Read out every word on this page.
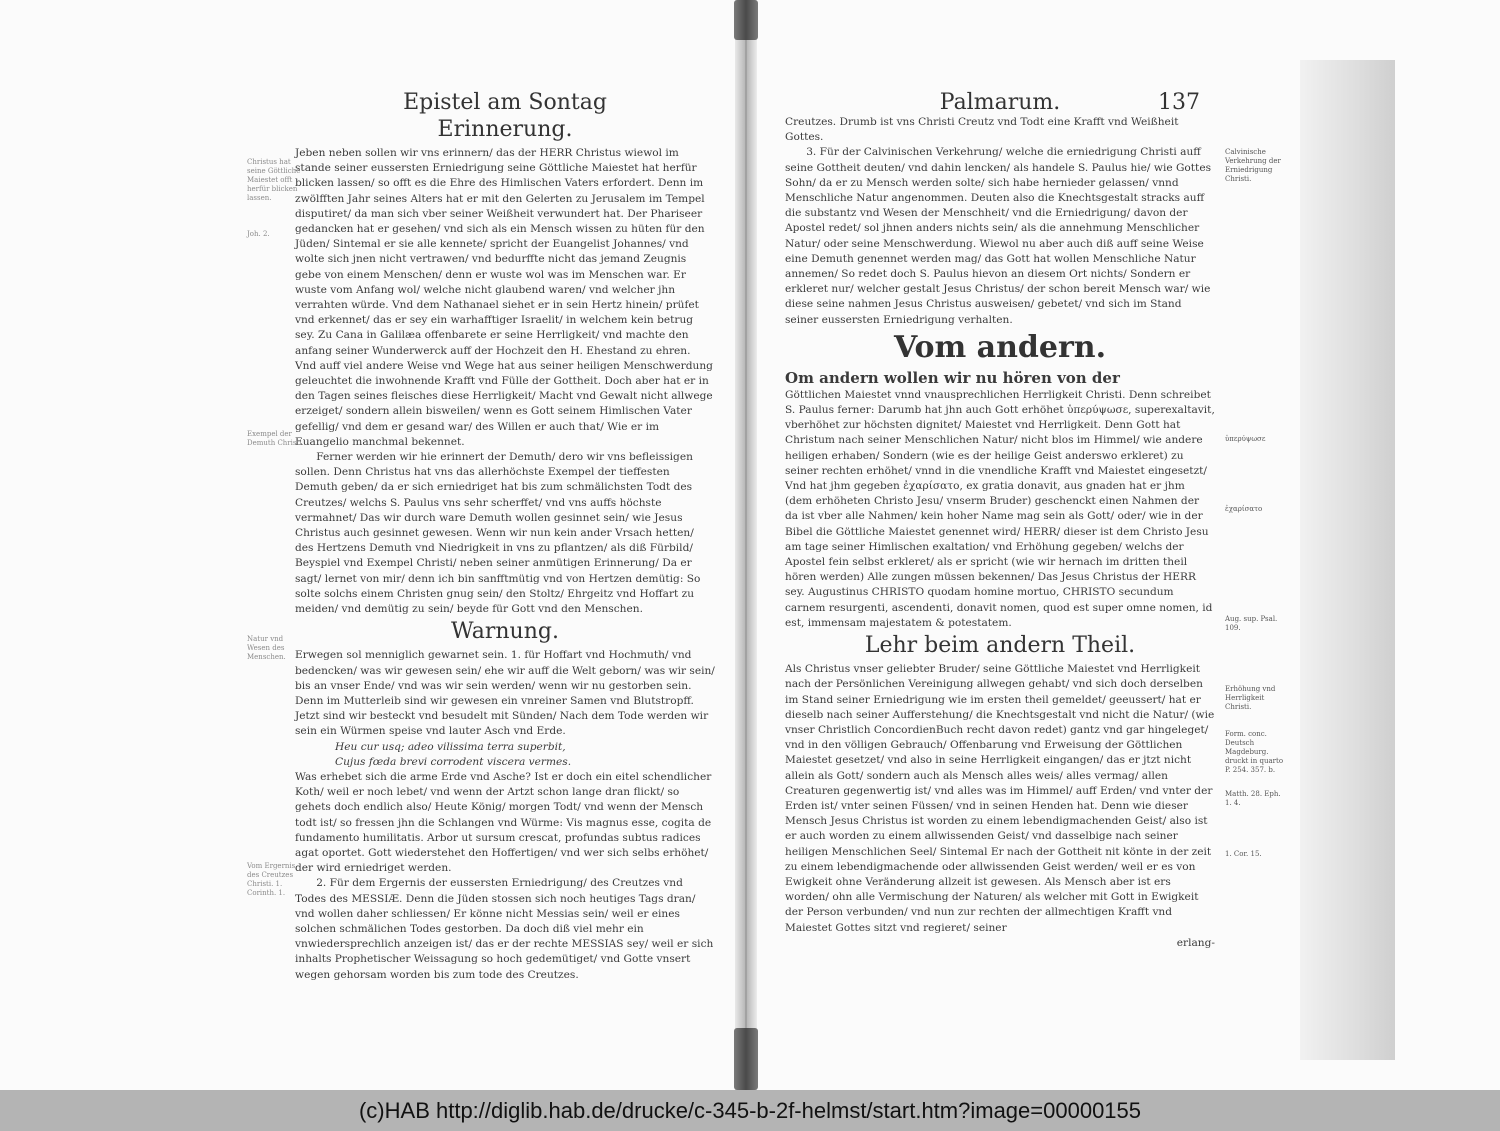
Epistel am Sontag
Erinnerung.
Christus hat seine Göttliche Maiestet offt herfür blicken lassen.
Joh. 2.

Jeben neben sollen wir vns erinnern/ das der HERR Christus wiewol im stande seiner eussersten Erniedrigung seine Göttliche Maiestet hat herfür blicken lassen/ so offt es die Ehre des Himlischen Vaters erfordert. Denn im zwölfften Jahr seines Alters hat er mit den Gelerten zu Jerusalem im Tempel disputiret/ da man sich vber seiner Weißheit verwundert hat. Der Phariseer gedancken hat er gesehen/ vnd sich als ein Mensch wissen zu hüten für den Jüden/ Sintemal er sie alle kennete/ spricht der Euangelist Johannes/ vnd wolte sich jnen nicht vertrawen/ vnd bedurffte nicht das jemand Zeugnis gebe von einem Menschen/ denn er wuste wol was im Menschen war. Er wuste vom Anfang wol/ welche nicht glaubend waren/ vnd welcher jhn verrahten würde. Vnd dem Nathanael siehet er in sein Hertz hinein/ prüfet vnd erkennet/ das er sey ein warhafftiger Israelit/ in welchem kein betrug sey. Zu Cana in Galilæa offenbarete er seine Herrligkeit/ vnd machte den anfang seiner Wunderwerck auff der Hochzeit den H. Ehestand zu ehren. Vnd auff viel andere Weise vnd Wege hat aus seiner heiligen Menschwerdung geleuchtet die inwohnende Krafft vnd Fülle der Gottheit. Doch aber hat er in den Tagen seines fleisches diese Herrligkeit/ Macht vnd Gewalt nicht allwege erzeiget/ sondern allein bisweilen/ wenn es Gott seinem Himlischen Vater gefellig/ vnd dem er gesand war/ des Willen er auch that/ Wie er im Euangelio manchmal bekennet.

Exempel der Demuth Christi.

Ferner werden wir hie erinnert der Demuth/ dero wir vns befleissigen sollen. Denn Christus hat vns das allerhöchste Exempel der tieffesten Demuth geben/ da er sich erniedriget hat bis zum schmälichsten Todt des Creutzes/ welchs S. Paulus vns sehr scherffet/ vnd vns auffs höchste vermahnet/ Das wir durch ware Demuth wollen gesinnet sein/ wie Jesus Christus auch gesinnet gewesen. Wenn wir nun kein ander Vrsach hetten/ des Hertzens Demuth vnd Niedrigkeit in vns zu pflantzen/ als diß Fürbild/ Beyspiel vnd Exempel Christi/ neben seiner anmütigen Erinnerung/ Da er sagt/ lernet von mir/ denn ich bin sanfftmütig vnd von Hertzen demütig: So solte solchs einem Christen gnug sein/ den Stoltz/ Ehrgeitz vnd Hoffart zu meiden/ vnd demütig zu sein/ beyde für Gott vnd den Menschen.

Warnung.
Natur vnd Wesen des Menschen. Erwegen sol menniglich gewarnet sein. 1. für Hoffart vnd Hochmuth/ vnd bedencken/ was wir gewesen sein/ ehe wir auff die Welt geborn/ was wir sein/ bis an vnser Ende/ vnd was wir sein werden/ wenn wir nu gestorben sein. Denn im Mutterleib sind wir gewesen ein vnreiner Samen vnd Blutstropff. Jetzt sind wir besteckt vnd besudelt mit Sünden/ Nach dem Tode werden wir sein ein Würmen speise vnd lauter Asch vnd Erde.

Heu cur usq; adeo vilissima terra superbit,
Cujus fœda brevi corrodent viscera vermes.

Was erhebet sich die arme Erde vnd Asche? Ist er doch ein eitel schendlicher Koth/ weil er noch lebet/ vnd wenn der Artzt schon lange dran flickt/ so gehets doch endlich also/ Heute König/ morgen Todt/ vnd wenn der Mensch todt ist/ so fressen jhn die Schlangen vnd Würme: Vis magnus esse, cogita de fundamento humilitatis. Arbor ut sursum crescat, profundas subtus radices agat oportet. Gott wiederstehet den Hoffertigen/ vnd wer sich selbs erhöhet/ der wird erniedriget werden.

Vom Ergernis des Creutzes Christi. 1. Corinth. 1.

2. Für dem Ergernis der eussersten Erniedrigung/ des Creutzes vnd Todes des MESSIÆ. Denn die Jüden stossen sich noch heutiges Tags dran/ vnd wollen daher schliessen/ Er könne nicht Messias sein/ weil er eines solchen schmälichen Todes gestorben. Da doch diß viel mehr ein vnwiedersprechlich anzeigen ist/ das er der rechte MESSIAS sey/ weil er sich inhalts Prophetischer Weissagung so hoch gedemütiget/ vnd Gotte vnsert wegen gehorsam worden bis zum tode des Creutzes.

Palmarum.	137

Creutzes. Drumb ist vns Christi Creutz vnd Todt eine Krafft vnd Weißheit Gottes.

Calvinische Verkehrung der Erniedrigung Christi.

3. Für der Calvinischen Verkehrung/ welche die erniedrigung Christi auff seine Gottheit deuten/ vnd dahin lencken/ als handele S. Paulus hie/ wie Gottes Sohn/ da er zu Mensch werden solte/ sich habe hernieder gelassen/ vnnd Menschliche Natur angenommen. Deuten also die Knechtsgestalt stracks auff die substantz vnd Wesen der Menschheit/ vnd die Erniedrigung/ davon der Apostel redet/ sol jhnen anders nichts sein/ als die annehmung Menschlicher Natur/ oder seine Menschwerdung. Wiewol nu aber auch diß auff seine Weise eine Demuth genennet werden mag/ das Gott hat wollen Menschliche Natur annemen/ So redet doch S. Paulus hievon an diesem Ort nichts/ Sondern er erkleret nur/ welcher gestalt Jesus Christus/ der schon bereit Mensch war/ wie diese seine nahmen Jesus Christus ausweisen/ gebetet/ vnd sich im Stand seiner eussersten Erniedrigung verhalten.

Vom andern.

Om andern wollen wir nu hören von der

ὑπερύψωσε
ἐχαρίσατο

Göttlichen Maiestet vnnd vnausprechlichen Herrligkeit Christi. Denn schreibet S. Paulus ferner: Darumb hat jhn auch Gott erhöhet ὑπερύψωσε, superexaltavit, vberhöhet zur höchsten dignitet/ Maiestet vnd Herrligkeit. Denn Gott hat Christum nach seiner Menschlichen Natur/ nicht blos im Himmel/ wie andere heiligen erhaben/ Sondern (wie es der heilige Geist anderswo erkleret) zu seiner rechten erhöhet/ vnnd in die vnendliche Krafft vnd Maiestet eingesetzt/ Vnd hat jhm gegeben ἐχαρίσατο, ex gratia donavit, aus gnaden hat er jhm (dem erhöheten Christo Jesu/ vnserm Bruder) geschenckt einen Nahmen der da ist vber alle Nahmen/ kein hoher Name mag sein als Gott/ oder/ wie in der Bibel die Göttliche Maiestet genennet wird/ HERR/ dieser ist dem Christo Jesu am tage seiner Himlischen exaltation/ vnd Erhöhung gegeben/ welchs der Apostel fein selbst erkleret/ als er spricht (wie wir hernach im dritten theil hören werden) Alle zungen müssen bekennen/ Das Jesus Christus der HERR sey. Augustinus CHRISTO quodam homine mortuo, CHRISTO secundum carnem resurgenti, ascendenti, donavit nomen, quod est super omne nomen, id est, immensam majestatem & potestatem.	Aug. sup. Psal. 109.
Lehr beim andern Theil.
Erhöhung vnd Herrligkeit Christi.
Form. conc. Deutsch Magdeburg. druckt in quarto P. 254. 357. b.
Matth. 28. Eph. 1. 4.
1. Cor. 15.

Als Christus vnser geliebter Bruder/ seine Göttliche Maiestet vnd Herrligkeit nach der Persönlichen Vereinigung allwegen gehabt/ vnd sich doch derselben im Stand seiner Erniedrigung wie im ersten theil gemeldet/ geeussert/ hat er dieselb nach seiner Aufferstehung/ die Knechtsgestalt vnd nicht die Natur/ (wie vnser Christlich ConcordienBuch recht davon redet) gantz vnd gar hingeleget/ vnd in den völligen Gebrauch/ Offenbarung vnd Erweisung der Göttlichen Maiestet gesetzet/ vnd also in seine Herrligkeit eingangen/ das er jtzt nicht allein als Gott/ sondern auch als Mensch alles weis/ alles vermag/ allen Creaturen gegenwertig ist/ vnd alles was im Himmel/ auff Erden/ vnd vnter der Erden ist/ vnter seinen Füssen/ vnd in seinen Henden hat. Denn wie dieser Mensch Jesus Christus ist worden zu einem lebendigmachenden Geist/ also ist er auch worden zu einem allwissenden Geist/ vnd dasselbige nach seiner heiligen Menschlichen Seel/ Sintemal Er nach der Gottheit nit könte in der zeit zu einem lebendigmachende oder allwissenden Geist werden/ weil er es von Ewigkeit ohne Veränderung allzeit ist gewesen. Als Mensch aber ist ers worden/ ohn alle Vermischung der Naturen/ als welcher mit Gott in Ewigkeit der Person verbunden/ vnd nun zur rechten der allmechtigen Krafft vnd Maiestet Gottes sitzt vnd regieret/ seiner

erlang-

(c)HAB http://diglib.hab.de/drucke/c-345-b-2f-helmst/start.htm?image=00000155
